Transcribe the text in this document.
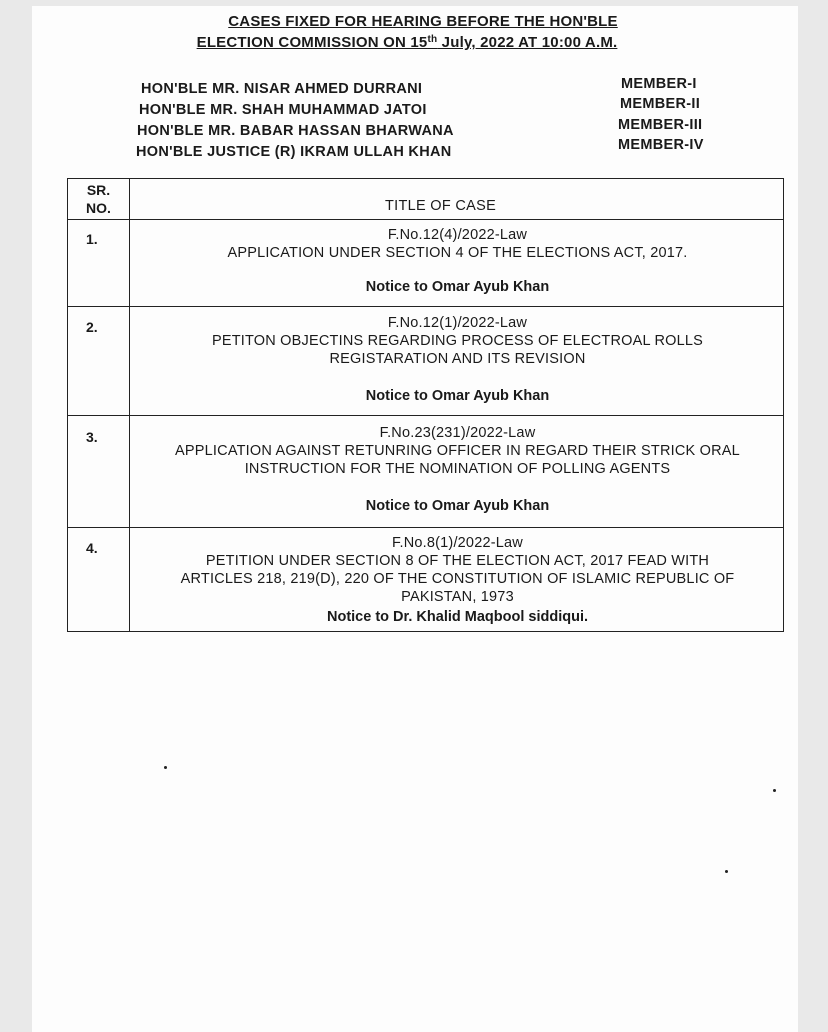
CASES FIXED FOR HEARING BEFORE THE HON'BLE
ELECTION COMMISSION ON 15th July, 2022 AT 10:00 A.M.
HON'BLE MR. NISAR AHMED DURRANI	MEMBER-I
HON'BLE MR. SHAH MUHAMMAD JATOI	MEMBER-II
HON'BLE MR. BABAR HASSAN BHARWANA	MEMBER-III
HON'BLE JUSTICE (R) IKRAM ULLAH KHAN	MEMBER-IV
SR.
NO.	TITLE OF CASE
1.	F.No.12(4)/2022-Law
APPLICATION UNDER SECTION 4 OF THE ELECTIONS ACT, 2017.
Notice to Omar Ayub Khan
2.	F.No.12(1)/2022-Law
PETITON OBJECTINS REGARDING PROCESS OF ELECTROAL ROLLS
REGISTARATION AND ITS REVISION
Notice to Omar Ayub Khan
3.	F.No.23(231)/2022-Law
APPLICATION AGAINST RETUNRING OFFICER IN REGARD THEIR STRICK ORAL
INSTRUCTION FOR THE NOMINATION OF POLLING AGENTS
Notice to Omar Ayub Khan
4.	F.No.8(1)/2022-Law
PETITION UNDER SECTION 8 OF THE ELECTION ACT, 2017 FEAD WITH
ARTICLES 218, 219(D), 220 OF THE CONSTITUTION OF ISLAMIC REPUBLIC OF
PAKISTAN, 1973
Notice to Dr. Khalid Maqbool siddiqui.
